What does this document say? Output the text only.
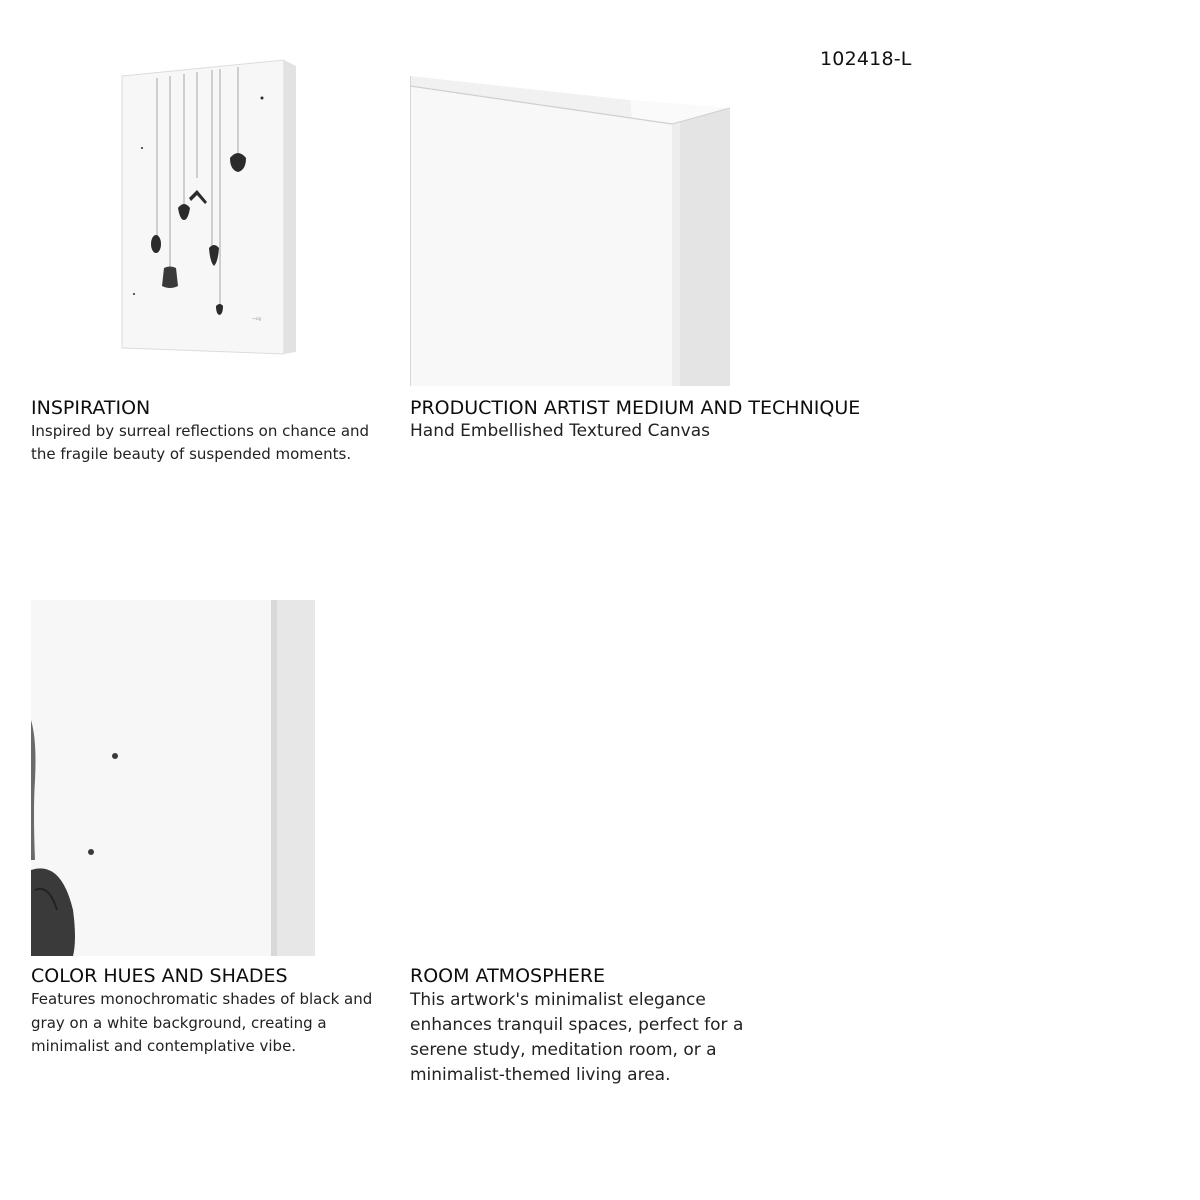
102418-L
~sig
INSPIRATION

Inspired by surreal reflections on chance and
the fragile beauty of suspended moments.

PRODUCTION ARTIST MEDIUM AND TECHNIQUE

Hand Embellished Textured Canvas

COLOR HUES AND SHADES

Features monochromatic shades of black and
gray on a white background, creating a
minimalist and contemplative vibe.

ROOM ATMOSPHERE

This artwork's minimalist elegance
enhances tranquil spaces, perfect for a
serene study, meditation room, or a
minimalist-themed living area.
